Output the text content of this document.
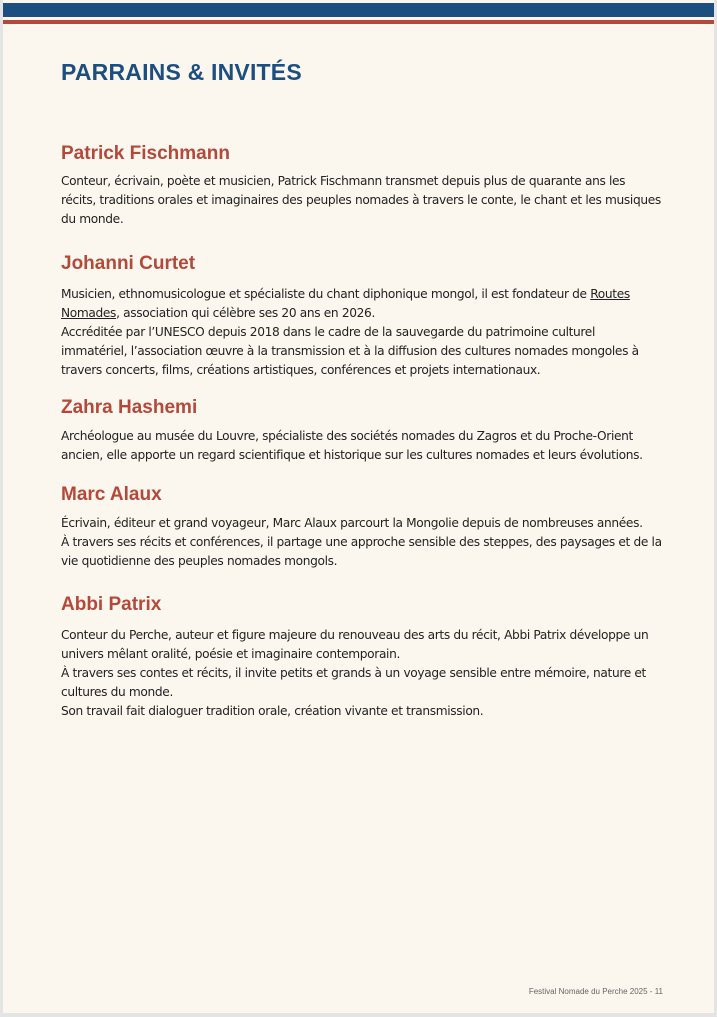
PARRAINS & INVITÉS
Patrick Fischmann

Conteur, écrivain, poète et musicien, Patrick Fischmann transmet depuis plus de quarante ans les
récits, traditions orales et imaginaires des peuples nomades à travers le conte, le chant et les musiques
du monde.

Johanni Curtet

Musicien, ethnomusicologue et spécialiste du chant diphonique mongol, il est fondateur de Routes
Nomades, association qui célèbre ses 20 ans en 2026.
Accréditée par l’UNESCO depuis 2018 dans le cadre de la sauvegarde du patrimoine culturel
immatériel, l’association œuvre à la transmission et à la diffusion des cultures nomades mongoles à
travers concerts, films, créations artistiques, conférences et projets internationaux.

Zahra Hashemi

Archéologue au musée du Louvre, spécialiste des sociétés nomades du Zagros et du Proche-Orient
ancien, elle apporte un regard scientifique et historique sur les cultures nomades et leurs évolutions.

Marc Alaux

Écrivain, éditeur et grand voyageur, Marc Alaux parcourt la Mongolie depuis de nombreuses années.
À travers ses récits et conférences, il partage une approche sensible des steppes, des paysages et de la
vie quotidienne des peuples nomades mongols.

Abbi Patrix

Conteur du Perche, auteur et figure majeure du renouveau des arts du récit, Abbi Patrix développe un
univers mêlant oralité, poésie et imaginaire contemporain.
À travers ses contes et récits, il invite petits et grands à un voyage sensible entre mémoire, nature et
cultures du monde.
Son travail fait dialoguer tradition orale, création vivante et transmission.

Festival Nomade du Perche 2025 - 11
